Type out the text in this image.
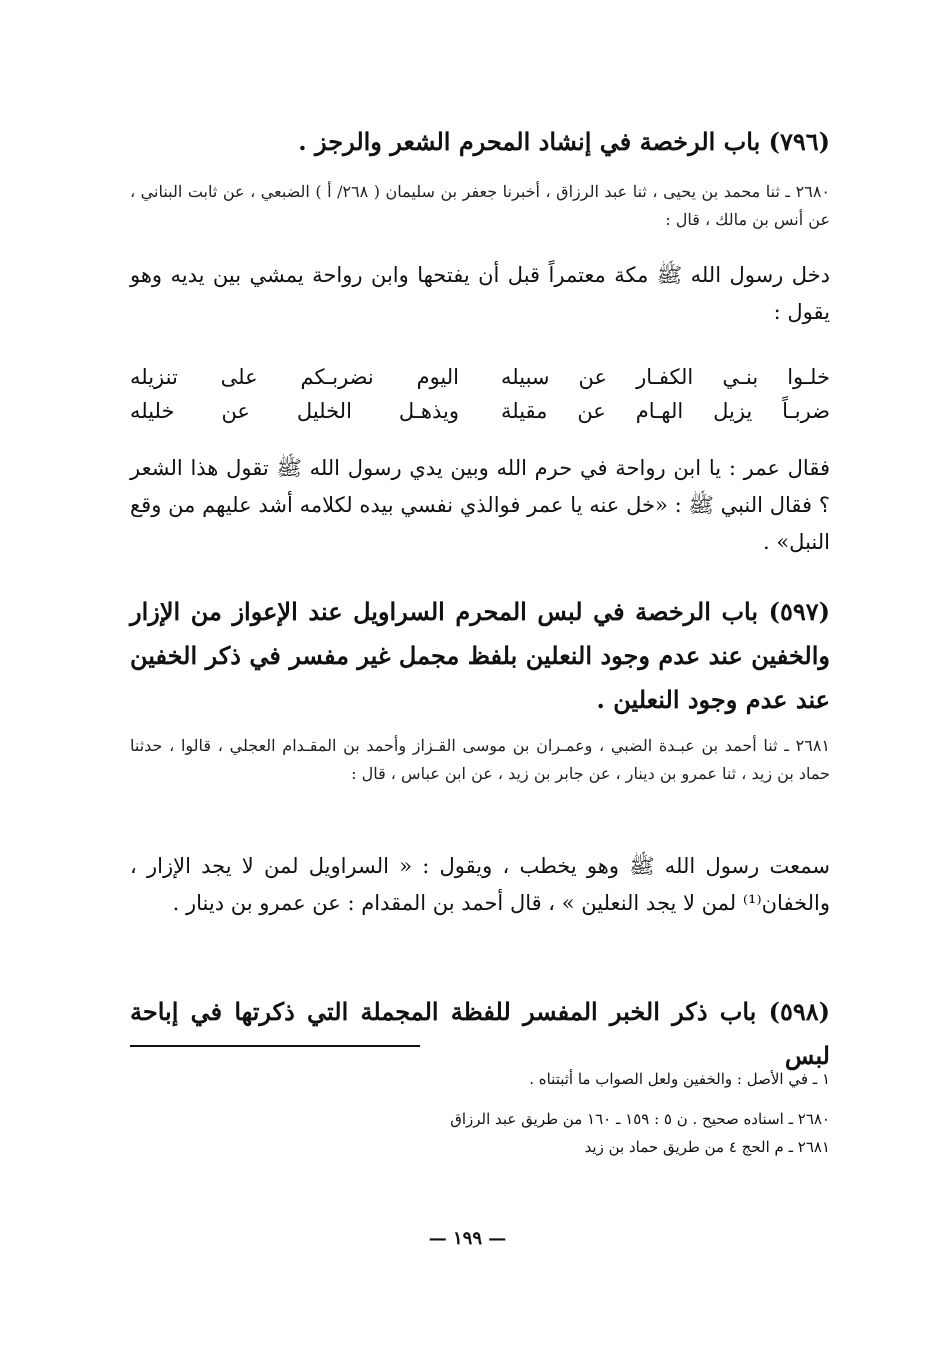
(٧٩٦) باب الرخصة في إنشاد المحرم الشعر والرجز .

٢٦٨٠ ـ ثنا محمد بن يحيى ، ثنا عبد الرزاق ، أخبرنا جعفر بن سليمان ( ٢٦٨/ أ ) الضبعي ، عن ثابت البناني ، عن أنس بن مالك ، قال :

دخل رسول الله ﷺ مكة معتمراً قبل أن يفتحها وابن رواحة يمشي بين يديه وهو يقول :

خلـوا
بنـي
الكفـار
عن
سبيله
اليوم
نضربـكم
على
تنزيله
ضربـاً
يزيل
الهـام
عن
مقيلة
ويذهـل
الخليل
عن
خليله

فقال عمر : يا ابن رواحة في حرم الله وبين يدي رسول الله ﷺ تقول هذا الشعر ؟ فقال النبي ﷺ : «خل عنه يا عمر فوالذي نفسي بيده لكلامه أشد عليهم من وقع النبل» .

(٥٩٧) باب الرخصة في لبس المحرم السراويل عند الإعواز من الإزار والخفين عند عدم وجود النعلين بلفظ مجمل غير مفسر في ذكر الخفين عند عدم وجود النعلين .

٢٦٨١ ـ ثنا أحمد بن عبـدة الضبي ، وعمـران بن موسى القـزاز وأحمد بن المقـدام العجلي ، قالوا ، حدثنا حماد بن زيد ، ثنا عمرو بن دينار ، عن جابر بن زيد ، عن ابن عباس ، قال :

سمعت رسول الله ﷺ وهو يخطب ، ويقول : « السراويل لمن لا يجد الإزار ، والخفان⁽¹⁾ لمن لا يجد النعلين » ، قال أحمد بن المقدام : عن عمرو بن دينار .

(٥٩٨) باب ذكر الخبر المفسر للفظة المجملة التي ذكرتها في إباحة لبس

١ ـ في الأصل : والخفين ولعل الصواب ما أثبتناه .

٢٦٨٠ ـ اسناده صحيح . ن ٥ : ١٥٩ ـ ١٦٠ من طريق عبد الرزاق

٢٦٨١ ـ م الحج ٤ من طريق حماد بن زيد

— ١٩٩ —
